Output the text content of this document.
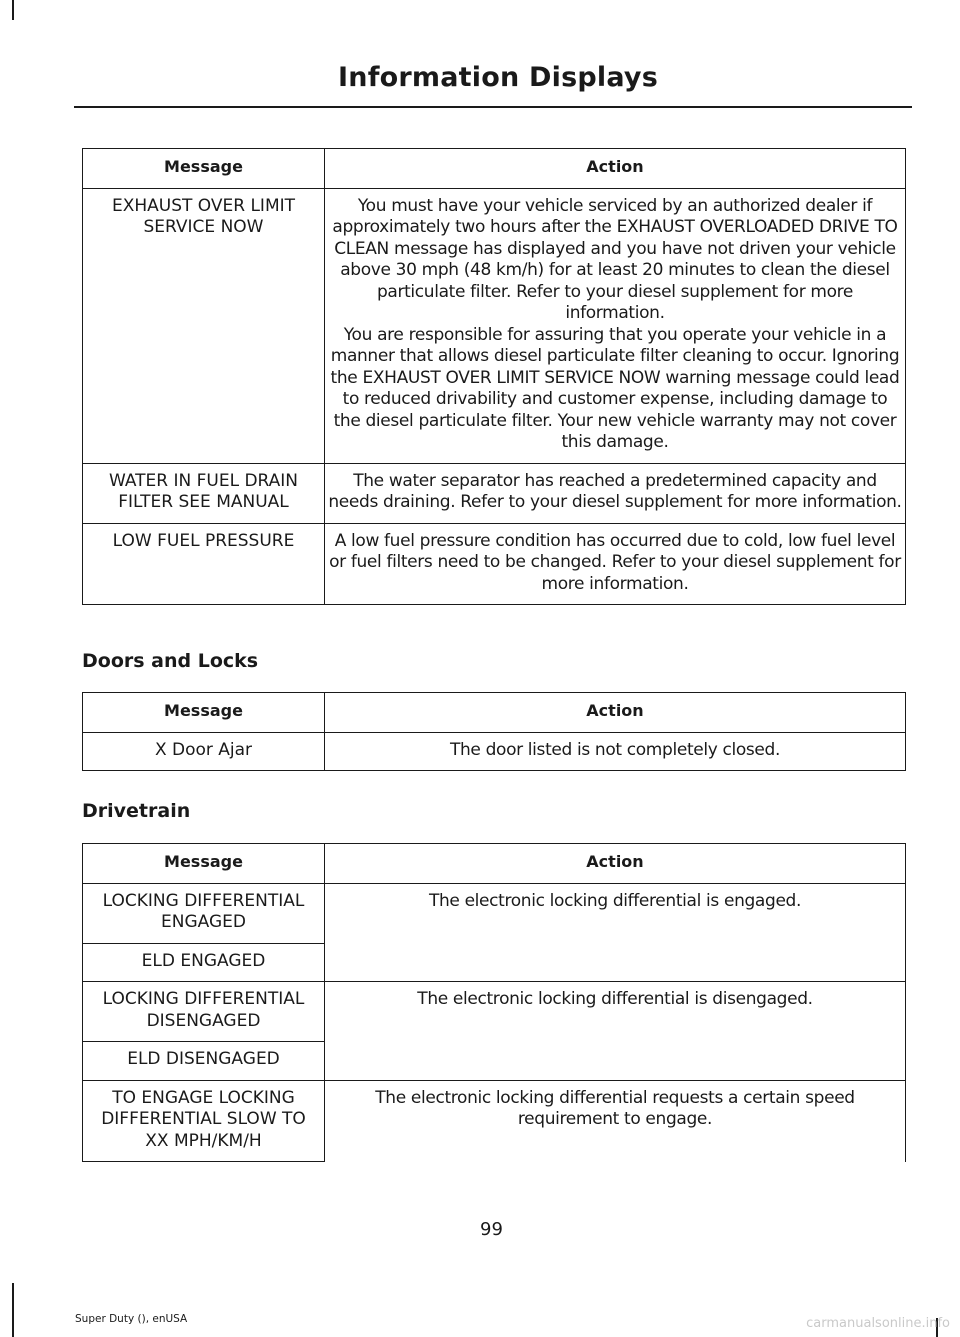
Information Displays
Message	Action
EXHAUST OVER LIMIT SERVICE NOW	You must have your vehicle serviced by an authorized dealer if approximately two hours after the EXHAUST OVERLOADED DRIVE TO CLEAN message has displayed and you have not driven your vehicle above 30 mph (48 km/h) for at least 20 minutes to clean the diesel particulate filter. Refer to your diesel supplement for more information.

You are responsible for assuring that you operate your vehicle in a manner that allows diesel particulate filter cleaning to occur. Ignoring the EXHAUST OVER LIMIT SERVICE NOW warning message could lead to reduced drivability and customer expense, including damage to the diesel particulate filter. Your new vehicle warranty may not cover this damage.

WATER IN FUEL DRAIN FILTER SEE MANUAL	The water separator has reached a predetermined capacity and needs draining. Refer to your diesel supplement for more information.
LOW FUEL PRESSURE	A low fuel pressure condition has occurred due to cold, low fuel level or fuel filters need to be changed. Refer to your diesel supplement for more information.
Doors and Locks
Message	Action
X Door Ajar	The door listed is not completely closed.
Drivetrain
Message	Action
LOCKING DIFFERENTIAL ENGAGED	The electronic locking differential is engaged.
ELD ENGAGED	
LOCKING DIFFERENTIAL DISENGAGED	The electronic locking differential is disengaged.
ELD DISENGAGED	
TO ENGAGE LOCKING DIFFERENTIAL SLOW TO XX MPH/KM/H	The electronic locking differential requests a certain speed requirement to engage.
99
Super Duty (), enUSA	carmanualsonline.info
